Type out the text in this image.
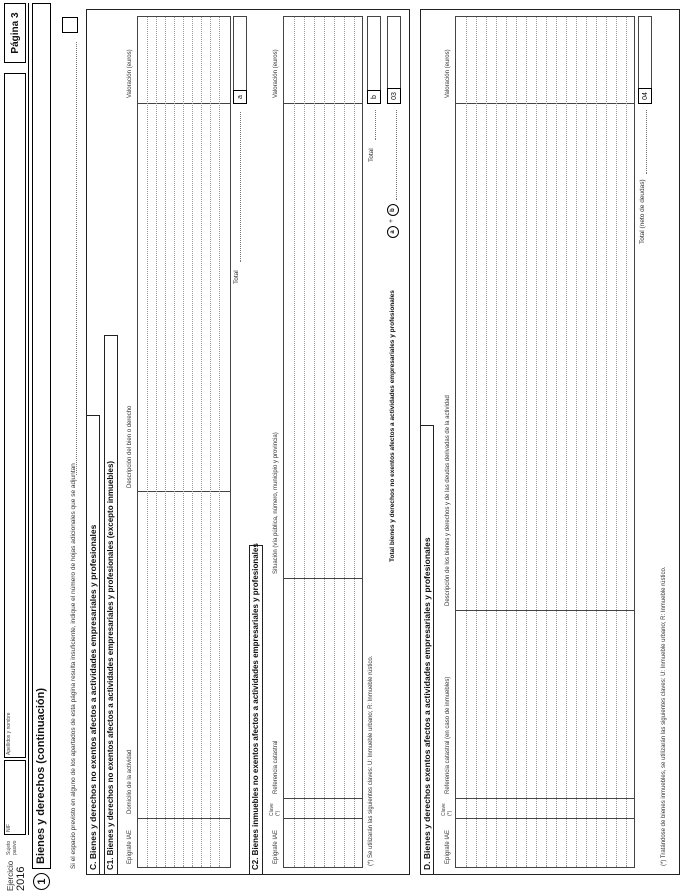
Ejercicio 2016
Sujeto pasivo
NIF
Apellidos y nombre
Página 3
1
Bienes y derechos (continuación)	Si el espacio previsto en alguno de los apartados de esta página resulta insuficiente, indique el número de hojas adicionales que se adjuntan C. Bienes y derechos no exentos afectos a actividades empresariales y profesionales C1. Bienes y derechos no exentos afectos a actividades empresariales y profesionales (excepto inmuebles) Epígrafe IAE
Domicilio de la actividad
Descripción del bien o derecho
Valoración (euros)
Total
a
C2. Bienes inmuebles no exentos afectos a actividades empresariales y profesionales Epígrafe IAE
Clave (*)
Referencia catastral
Situación (vía pública, número, municipio y provincia)
Valoración (euros)
(*) Se utilizarán las siguientes claves: U: Inmueble urbano; R: Inmueble rústico.
Total
b
Total bienes y derechos no exentos afectos a actividades empresariales y profesionales
a
+
b
03
D. Bienes y derechos exentos afectos a actividades empresariales y profesionales Epígrafe IAE
Clave (*)
Referencia catastral (en caso de inmuebles)
Descripción de los bienes y derechos y de las deudas derivadas de la actividad
Valoración (euros)
Total (neto de deudas)
04
(*) Tratándose de bienes inmuebles, se utilizarán las siguientes claves: U: Inmueble urbano; R: Inmueble rústico.
